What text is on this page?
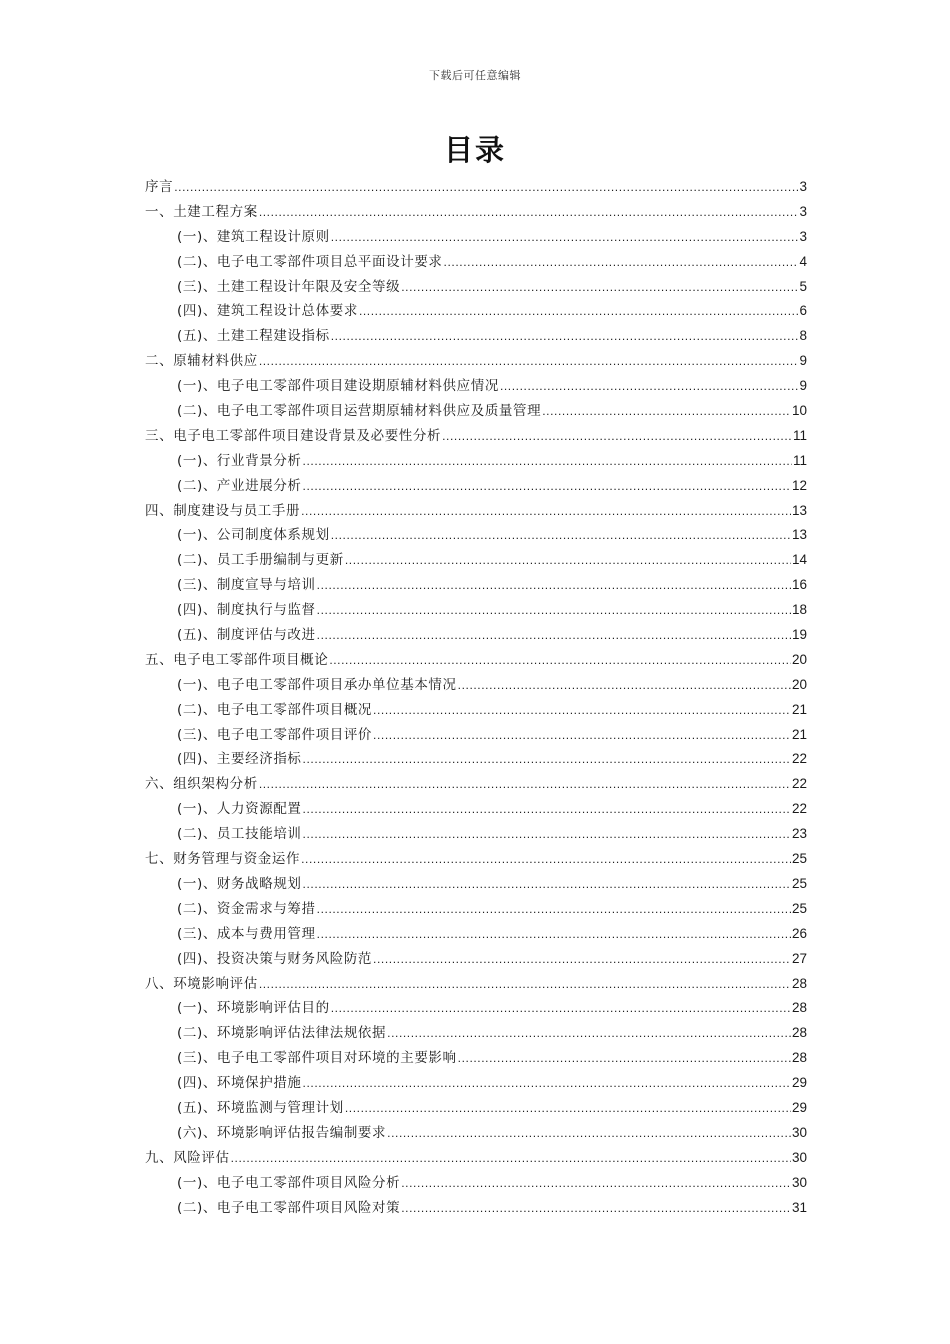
下载后可任意编辑
目录
序言 .....	3
一、土建工程方案 .....	3
(一)、建筑工程设计原则 .....	3
(二)、电子电工零部件项目总平面设计要求 .....	4
(三)、土建工程设计年限及安全等级 .....	5
(四)、建筑工程设计总体要求 .....	6
(五)、土建工程建设指标 .....	8
二、原辅材料供应 .....	9
(一)、电子电工零部件项目建设期原辅材料供应情况 .....	9
(二)、电子电工零部件项目运营期原辅材料供应及质量管理 .....	10
三、电子电工零部件项目建设背景及必要性分析 .....	11
(一)、行业背景分析 .....	11
(二)、产业进展分析 .....	12
四、制度建设与员工手册 .....	13
(一)、公司制度体系规划 .....	13
(二)、员工手册编制与更新 .....	14
(三)、制度宣导与培训 .....	16
(四)、制度执行与监督 .....	18
(五)、制度评估与改进 .....	19
五、电子电工零部件项目概论 .....	20
(一)、电子电工零部件项目承办单位基本情况 .....	20
(二)、电子电工零部件项目概况 .....	21
(三)、电子电工零部件项目评价 .....	21
(四)、主要经济指标 .....	22
六、组织架构分析 .....	22
(一)、人力资源配置 .....	22
(二)、员工技能培训 .....	23
七、财务管理与资金运作 .....	25
(一)、财务战略规划 .....	25
(二)、资金需求与筹措 .....	25
(三)、成本与费用管理 .....	26
(四)、投资决策与财务风险防范 .....	27
八、环境影响评估 .....	28
(一)、环境影响评估目的 .....	28
(二)、环境影响评估法律法规依据 .....	28
(三)、电子电工零部件项目对环境的主要影响 .....	28
(四)、环境保护措施 .....	29
(五)、环境监测与管理计划 .....	29
(六)、环境影响评估报告编制要求 .....	30
九、风险评估 .....	30
(一)、电子电工零部件项目风险分析 .....	30
(二)、电子电工零部件项目风险对策 .....	31
